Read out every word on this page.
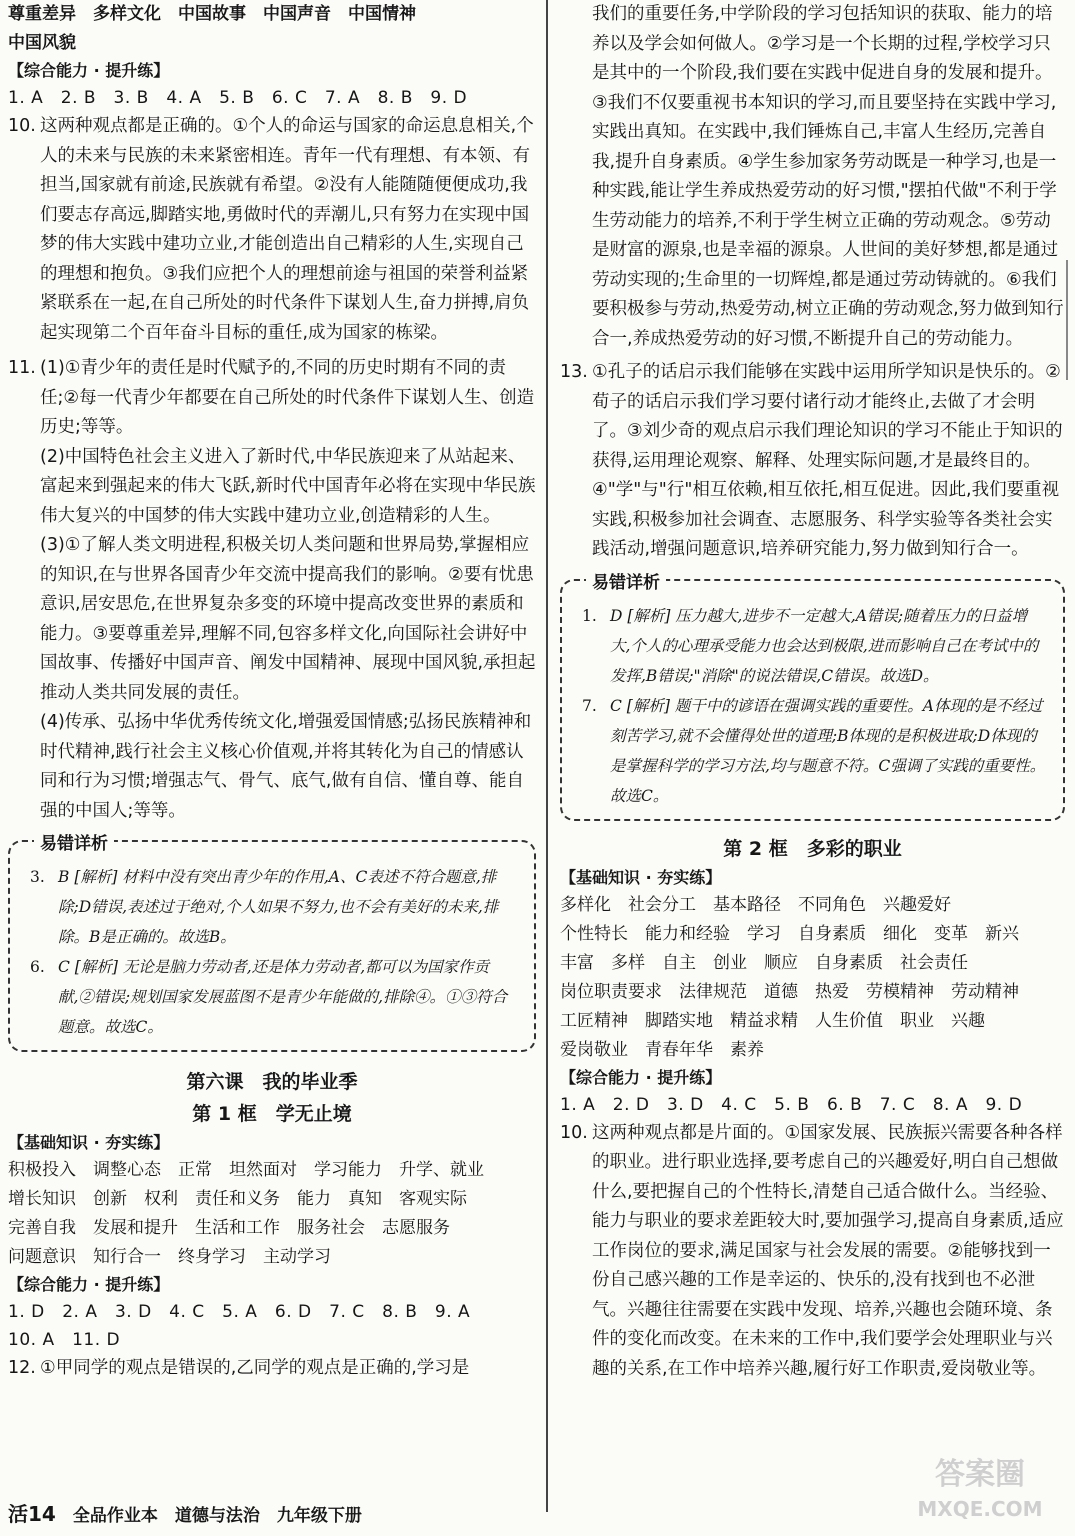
尊重差异　多样文化　中国故事　中国声音　中国情神

中国风貌

【综合能力 · 提升练】

1. A　2. B　3. B　4. A　5. B　6. C　7. A　8. B　9. D

10. 这两种观点都是正确的。①个人的命运与国家的命运息息相关,个人的未来与民族的未来紧密相连。青年一代有理想、有本领、有担当,国家就有前途,民族就有希望。②没有人能随随便便成功,我们要志存高远,脚踏实地,勇做时代的弄潮儿,只有努力在实现中国梦的伟大实践中建功立业,才能创造出自己精彩的人生,实现自己的理想和抱负。③我们应把个人的理想前途与祖国的荣誉利益紧紧联系在一起,在自己所处的时代条件下谋划人生,奋力拼搏,肩负起实现第二个百年奋斗目标的重任,成为国家的栋梁。
11. (1)①青少年的责任是时代赋予的,不同的历史时期有不同的责任;②每一代青少年都要在自己所处的时代条件下谋划人生、创造历史;等等。

(2)中国特色社会主义进入了新时代,中华民族迎来了从站起来、富起来到强起来的伟大飞跃,新时代中国青年必将在实现中华民族伟大复兴的中国梦的伟大实践中建功立业,创造精彩的人生。

(3)①了解人类文明进程,积极关切人类问题和世界局势,掌握相应的知识,在与世界各国青少年交流中提高我们的影响。②要有忧患意识,居安思危,在世界复杂多变的环境中提高改变世界的素质和能力。③要尊重差异,理解不同,包容多样文化,向国际社会讲好中国故事、传播好中国声音、阐发中国精神、展现中国风貌,承担起推动人类共同发展的责任。

(4)传承、弘扬中华优秀传统文化,增强爱国情感;弘扬民族精神和时代精神,践行社会主义核心价值观,并将其转化为自己的情感认同和行为习惯;增强志气、骨气、底气,做有自信、懂自尊、能自强的中国人;等等。

易错详析
3. B [解析] 材料中没有突出青少年的作用,A、C表述不符合题意,排除;D错误,表述过于绝对,个人如果不努力,也不会有美好的未来,排除。B是正确的。故选B。
6. C [解析] 无论是脑力劳动者,还是体力劳动者,都可以为国家作贡献,②错误;规划国家发展蓝图不是青少年能做的,排除④。①③符合题意。故选C。

第六课　我的毕业季

第 1 框　学无止境

【基础知识 · 夯实练】

积极投入　调整心态　正常　坦然面对　学习能力　升学、就业

增长知识　创新　权利　责任和义务　能力　真知　客观实际

完善自我　发展和提升　生活和工作　服务社会　志愿服务

问题意识　知行合一　终身学习　主动学习

【综合能力 · 提升练】

1. D　2. A　3. D　4. C　5. A　6. D　7. C　8. B　9. A

10. A　11. D

12. ①甲同学的观点是错误的,乙同学的观点是正确的,学习是

我们的重要任务,中学阶段的学习包括知识的获取、能力的培养以及学会如何做人。②学习是一个长期的过程,学校学习只是其中的一个阶段,我们要在实践中促进自身的发展和提升。③我们不仅要重视书本知识的学习,而且要坚持在实践中学习,实践出真知。在实践中,我们锤炼自己,丰富人生经历,完善自我,提升自身素质。④学生参加家务劳动既是一种学习,也是一种实践,能让学生养成热爱劳动的好习惯,"摆拍代做"不利于学生劳动能力的培养,不利于学生树立正确的劳动观念。⑤劳动是财富的源泉,也是幸福的源泉。人世间的美好梦想,都是通过劳动实现的;生命里的一切辉煌,都是通过劳动铸就的。⑥我们要积极参与劳动,热爱劳动,树立正确的劳动观念,努力做到知行合一,养成热爱劳动的好习惯,不断提升自己的劳动能力。

13. ①孔子的话启示我们能够在实践中运用所学知识是快乐的。②荀子的话启示我们学习要付诸行动才能终止,去做了才会明了。③刘少奇的观点启示我们理论知识的学习不能止于知识的获得,运用理论观察、解释、处理实际问题,才是最终目的。④"学"与"行"相互依赖,相互依托,相互促进。因此,我们要重视实践,积极参加社会调查、志愿服务、科学实验等各类社会实践活动,增强问题意识,培养研究能力,努力做到知行合一。
易错详析
1. D [解析] 压力越大,进步不一定越大,A错误;随着压力的日益增大,个人的心理承受能力也会达到极限,进而影响自己在考试中的发挥,B错误;"消除"的说法错误,C错误。故选D。
7. C [解析] 题干中的谚语在强调实践的重要性。A体现的是不经过刻苦学习,就不会懂得处世的道理;B体现的是积极进取;D体现的是掌握科学的学习方法,均与题意不符。C强调了实践的重要性。故选C。

第 2 框　多彩的职业

【基础知识 · 夯实练】

多样化　社会分工　基本路径　不同角色　兴趣爱好

个性特长　能力和经验　学习　自身素质　细化　变革　新兴

丰富　多样　自主　创业　顺应　自身素质　社会责任

岗位职责要求　法律规范　道德　热爱　劳模精神　劳动精神

工匠精神　脚踏实地　精益求精　人生价值　职业　兴趣

爱岗敬业　青春年华　素养

【综合能力 · 提升练】

1. A　2. D　3. D　4. C　5. B　6. B　7. C　8. A　9. D

10. 这两种观点都是片面的。①国家发展、民族振兴需要各种各样的职业。进行职业选择,要考虑自己的兴趣爱好,明白自己想做什么,要把握自己的个性特长,清楚自己适合做什么。当经验、能力与职业的要求差距较大时,要加强学习,提高自身素质,适应工作岗位的要求,满足国家与社会发展的需要。②能够找到一份自己感兴趣的工作是幸运的、快乐的,没有找到也不必泄气。兴趣往往需要在实践中发现、培养,兴趣也会随环境、条件的变化而改变。在未来的工作中,我们要学会处理职业与兴趣的关系,在工作中培养兴趣,履行好工作职责,爱岗敬业等。
活14　 全品作业本　道德与法治　九年级下册
答案圈
MXQE.COM
